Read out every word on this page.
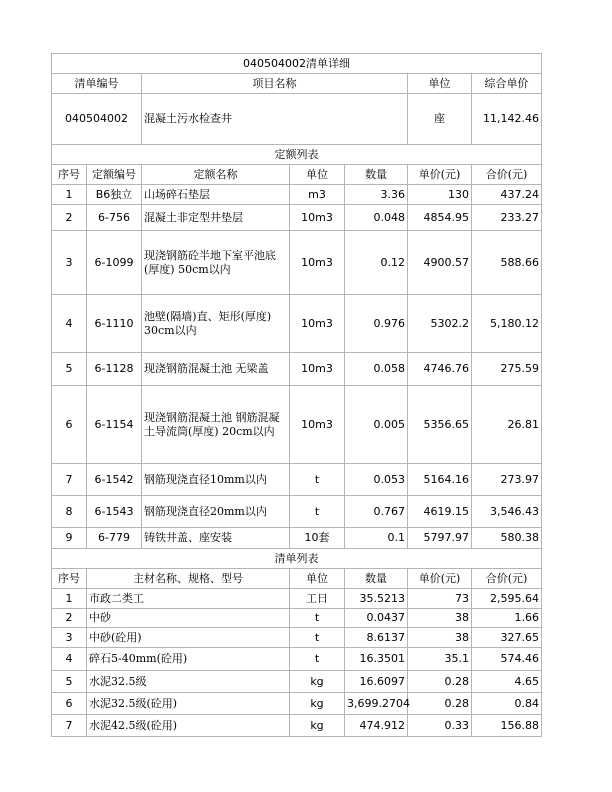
040504002清单详细						
清单编号		项目名称			单位	综合单价
040504002		混凝土污水检查井			座	11,142.46
定额列表						
序号	定额编号	定额名称	单位	数量	单价(元)	合价(元)
1	B6独立	山场碎石垫层	m3	3.36	130	437.24
2	6-756	混凝土非定型井垫层	10m3	0.048	4854.95	233.27
3	6-1099	现浇钢筋砼半地下室平池底(厚度) 50cm以内	10m3	0.12	4900.57	588.66
4	6-1110	池壁(隔墙)直、矩形(厚度) 30cm以内	10m3	0.976	5302.2	5,180.12
5	6-1128	现浇钢筋混凝土池 无梁盖	10m3	0.058	4746.76	275.59
6	6-1154	现浇钢筋混凝土池 钢筋混凝土导流筒(厚度) 20cm以内	10m3	0.005	5356.65	26.81
7	6-1542	钢筋现浇直径10mm以内	t	0.053	5164.16	273.97
8	6-1543	钢筋现浇直径20mm以内	t	0.767	4619.15	3,546.43
9	6-779	铸铁井盖、座安装	10套	0.1	5797.97	580.38
清单列表						
序号	主材名称、规格、型号		单位	数量	单价(元)	合价(元)
1	市政二类工		工日	35.5213	73	2,595.64
2	中砂		t	0.0437	38	1.66
3	中砂(砼用)		t	8.6137	38	327.65
4	碎石5-40mm(砼用)		t	16.3501	35.1	574.46
5	水泥32.5级		kg	16.6097	0.28	4.65
6	水泥32.5级(砼用)		kg	3,699.2704	0.28	0.84
7	水泥42.5级(砼用)		kg	474.912	0.33	156.88
